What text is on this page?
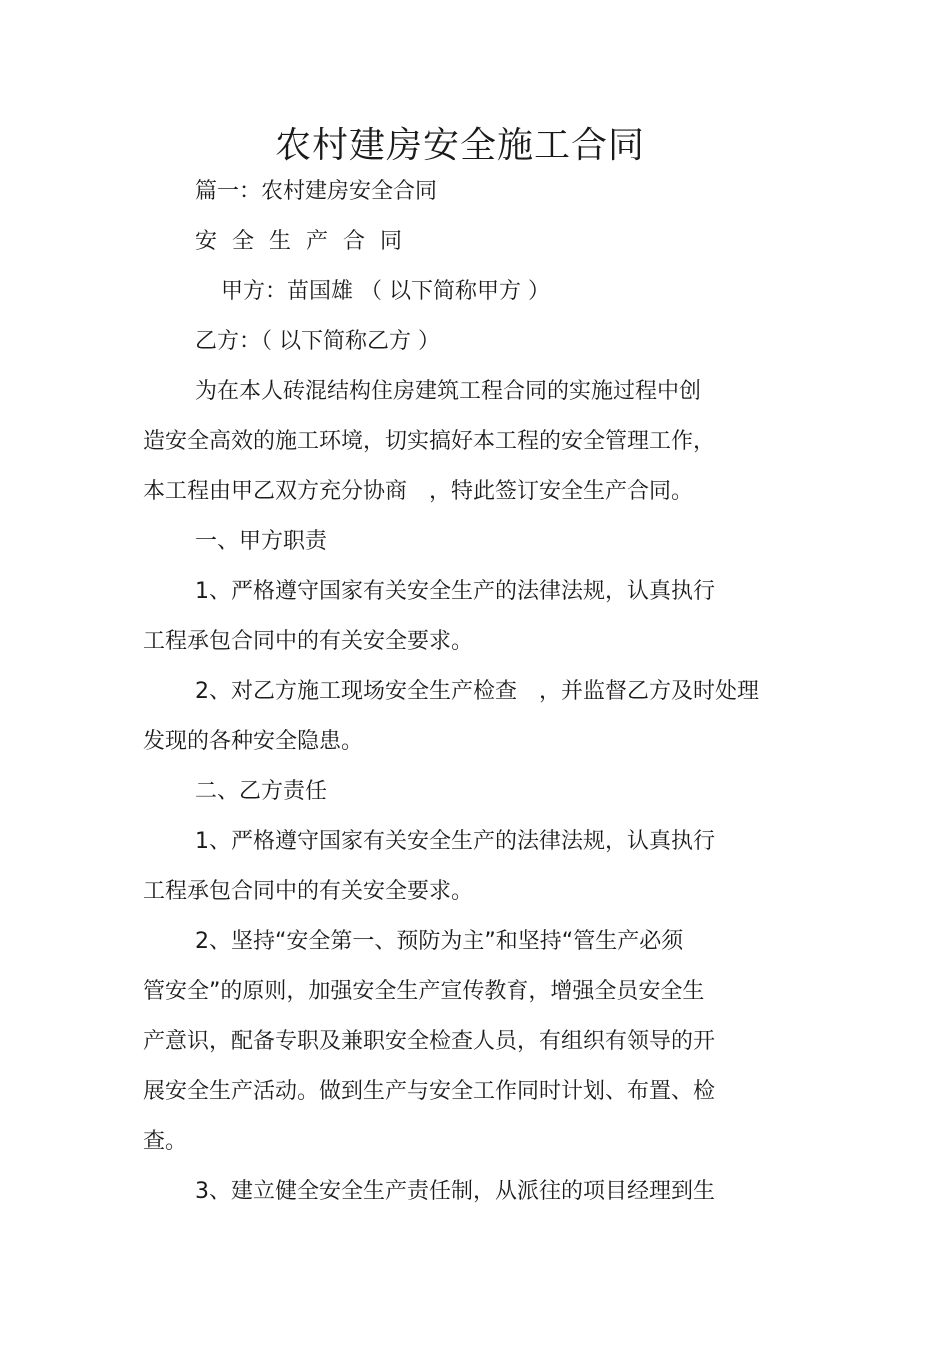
农村建房安全施工合同
篇一：农村建房安全合同
安全生产合同
甲方：苗国雄 （ 以下简称甲方 ）
乙方：（ 以下简称乙方 ）
为在本人砖混结构住房建筑工程合同的实施过程中创
造安全高效的施工环境，切实搞好本工程的安全管理工作，
本工程由甲乙双方充分协商　，特此签订安全生产合同。
一、甲方职责
1、严格遵守国家有关安全生产的法律法规，认真执行
工程承包合同中的有关安全要求。
2、对乙方施工现场安全生产检查　，并监督乙方及时处理
发现的各种安全隐患。
二、乙方责任
1、严格遵守国家有关安全生产的法律法规，认真执行
工程承包合同中的有关安全要求。
2、坚持“安全第一、预防为主”和坚持“管生产必须
管安全”的原则，加强安全生产宣传教育，增强全员安全生
产意识，配备专职及兼职安全检查人员，有组织有领导的开
展安全生产活动。做到生产与安全工作同时计划、布置、检
查。
3、建立健全安全生产责任制，从派往的项目经理到生
